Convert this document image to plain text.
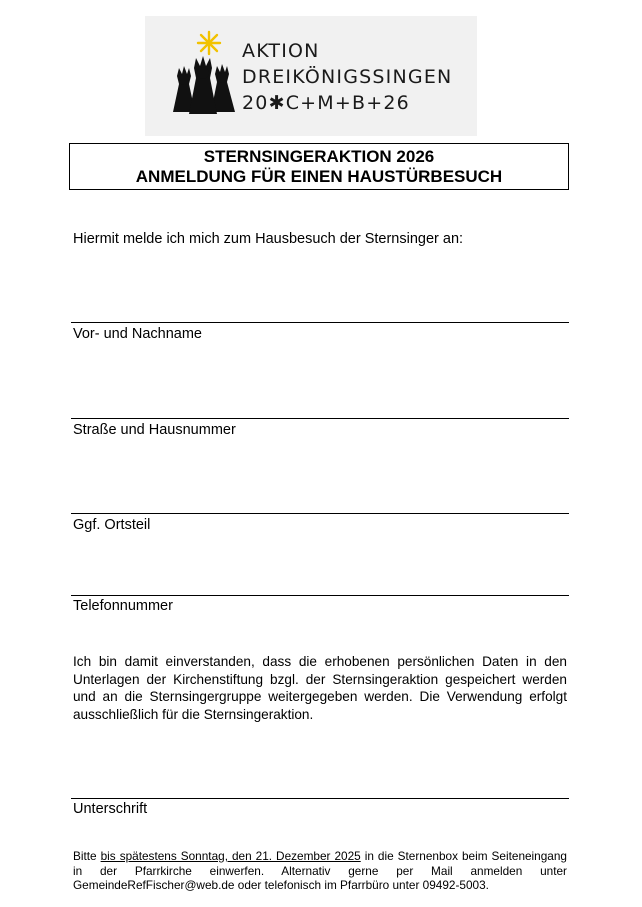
AKTION
DREIKÖNIGSSINGEN
20✱C+M+B+26
STERNSINGERAKTION 2026
ANMELDUNG FÜR EINEN HAUSTÜRBESUCH
Hiermit melde ich mich zum Hausbesuch der Sternsinger an:
Vor- und Nachname
Straße und Hausnummer
Ggf. Ortsteil
Telefonnummer

Ich bin damit einverstanden, dass die erhobenen persönlichen Daten in den Unterlagen der Kirchenstiftung bzgl. der Sternsingeraktion gespeichert werden und an die Sternsingergruppe weitergegeben werden. Die Verwendung erfolgt ausschließlich für die Sternsingeraktion.

Unterschrift

Bitte bis spätestens Sonntag, den 21. Dezember 2025 in die Sternenbox beim Seiteneingang in der Pfarrkirche einwerfen. Alternativ gerne per Mail anmelden unter GemeindeRefFischer@web.de oder telefonisch im Pfarrbüro unter 09492-5003.
